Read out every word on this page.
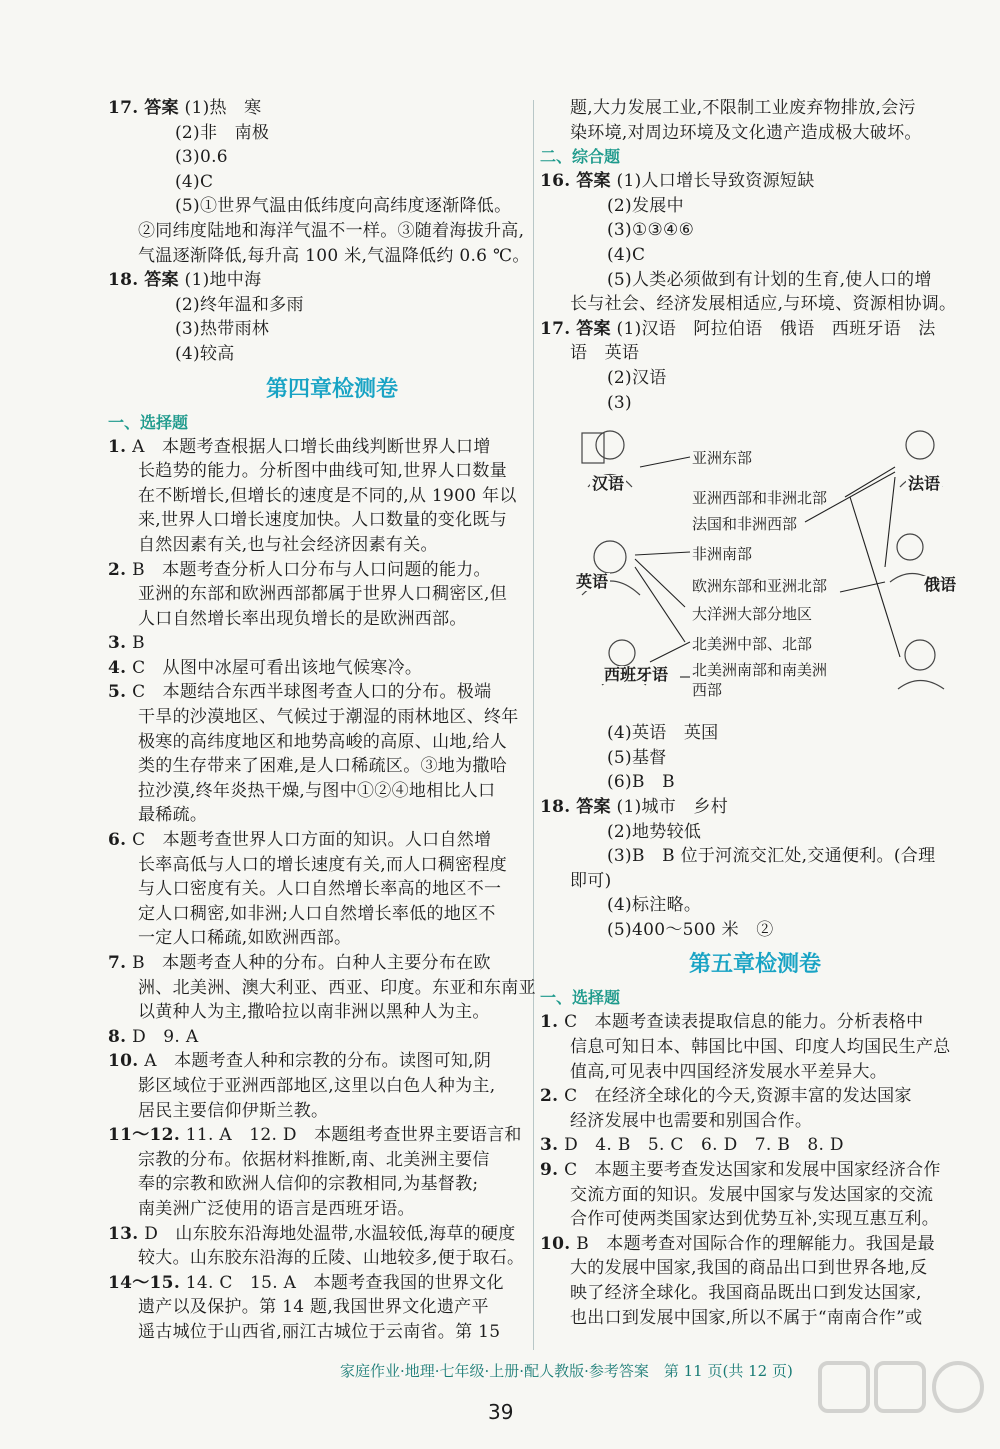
17. 答案 (1)热　寒
(2)非　南极
(3)0.6
(4)C
(5)①世界气温由低纬度向高纬度逐渐降低。
②同纬度陆地和海洋气温不一样。③随着海拔升高,
气温逐渐降低,每升高 100 米,气温降低约 0.6 ℃。
18. 答案 (1)地中海
(2)终年温和多雨
(3)热带雨林
(4)较高
第四章检测卷
一、选择题
1. A　本题考查根据人口增长曲线判断世界人口增
长趋势的能力。分析图中曲线可知,世界人口数量
在不断增长,但增长的速度是不同的,从 1900 年以
来,世界人口增长速度加快。人口数量的变化既与
自然因素有关,也与社会经济因素有关。
2. B　本题考查分析人口分布与人口问题的能力。
亚洲的东部和欧洲西部都属于世界人口稠密区,但
人口自然增长率出现负增长的是欧洲西部。
3. B
4. C　从图中冰屋可看出该地气候寒冷。
5. C　本题结合东西半球图考查人口的分布。极端
干旱的沙漠地区、气候过于潮湿的雨林地区、终年
极寒的高纬度地区和地势高峻的高原、山地,给人
类的生存带来了困难,是人口稀疏区。③地为撒哈
拉沙漠,终年炎热干燥,与图中①②④地相比人口
最稀疏。
6. C　本题考查世界人口方面的知识。人口自然增
长率高低与人口的增长速度有关,而人口稠密程度
与人口密度有关。人口自然增长率高的地区不一
定人口稠密,如非洲;人口自然增长率低的地区不
一定人口稀疏,如欧洲西部。
7. B　本题考查人种的分布。白种人主要分布在欧
洲、北美洲、澳大利亚、西亚、印度。东亚和东南亚
以黄种人为主,撒哈拉以南非洲以黑种人为主。
8. D　9. A
10. A　本题考查人种和宗教的分布。读图可知,阴
影区域位于亚洲西部地区,这里以白色人种为主,
居民主要信仰伊斯兰教。
11～12. 11. A　12. D　本题组考查世界主要语言和
宗教的分布。依据材料推断,南、北美洲主要信
奉的宗教和欧洲人信仰的宗教相同,为基督教;
南美洲广泛使用的语言是西班牙语。
13. D　山东胶东沿海地处温带,水温较低,海草的硬度
较大。山东胶东沿海的丘陵、山地较多,便于取石。
14～15. 14. C　15. A　本题考查我国的世界文化
遗产以及保护。第 14 题,我国世界文化遗产平
遥古城位于山西省,丽江古城位于云南省。第 15
题,大力发展工业,不限制工业废弃物排放,会污
染环境,对周边环境及文化遗产造成极大破坏。
二、综合题
16. 答案 (1)人口增长导致资源短缺
(2)发展中
(3)①③④⑥
(4)C
(5)人类必须做到有计划的生育,使人口的增
长与社会、经济发展相适应,与环境、资源相协调。
17. 答案 (1)汉语　阿拉伯语　俄语　西班牙语　法
语　英语
(2)汉语
(3)
亚洲东部
亚洲西部和非洲北部
法国和非洲西部
非洲南部
欧洲东部和亚洲北部
大洋洲大部分地区
北美洲中部、北部
北美洲南部和南美洲
西部
汉语	法语
英语	俄语
西班牙语
(4)英语　英国
(5)基督
(6)B　B
18. 答案 (1)城市　乡村
(2)地势较低
(3)B　B 位于河流交汇处,交通便利。(合理
即可)
(4)标注略。
(5)400～500 米　②
第五章检测卷
一、选择题
1. C　本题考查读表提取信息的能力。分析表格中
信息可知日本、韩国比中国、印度人均国民生产总
值高,可见表中四国经济发展水平差异大。
2. C　在经济全球化的今天,资源丰富的发达国家
经济发展中也需要和别国合作。
3. D　4. B　5. C　6. D　7. B　8. D
9. C　本题主要考查发达国家和发展中国家经济合作
交流方面的知识。发展中国家与发达国家的交流
合作可使两类国家达到优势互补,实现互惠互利。
10. B　本题考查对国际合作的理解能力。我国是最
大的发展中国家,我国的商品出口到世界各地,反
映了经济全球化。我国商品既出口到发达国家,
也出口到发展中国家,所以不属于“南南合作”或
家庭作业·地理·七年级·上册·配人教版·参考答案　第 11 页(共 12 页)
39
